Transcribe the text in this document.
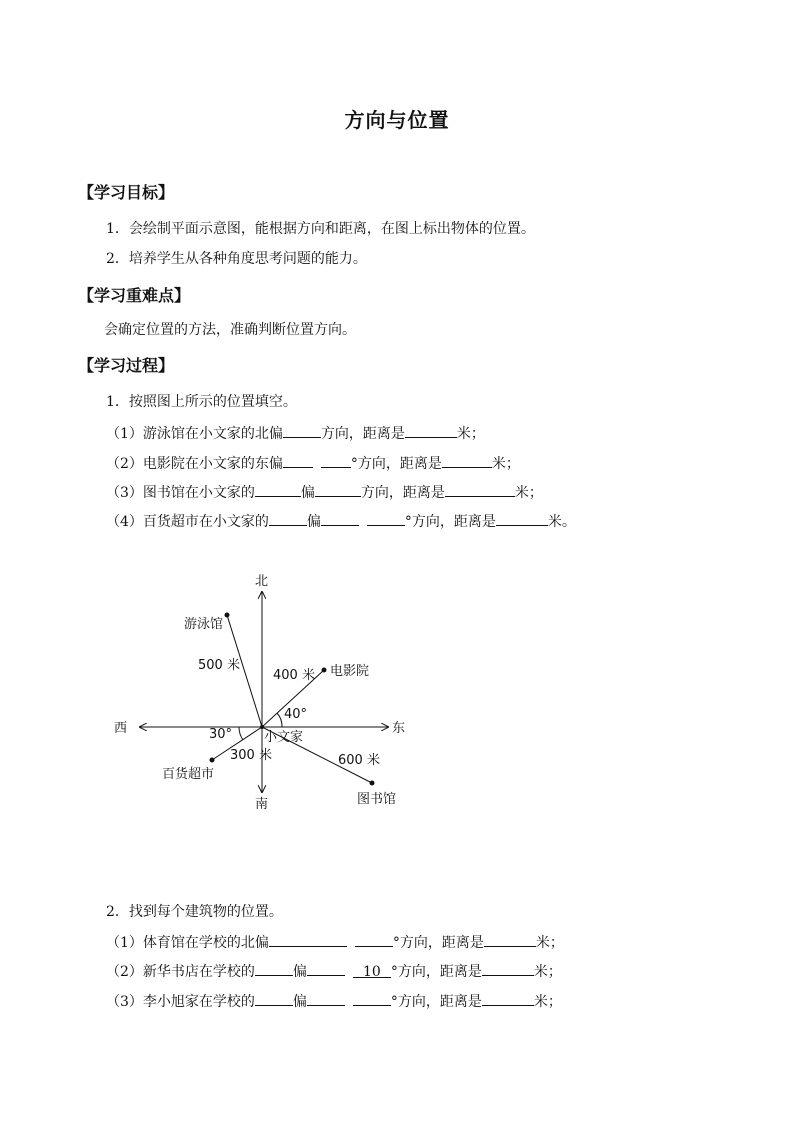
方向与位置
【学习目标】
1．会绘制平面示意图，能根据方向和距离，在图上标出物体的位置。
2．培养学生从各种角度思考问题的能力。
【学习重难点】
会确定位置的方法，准确判断位置方向。
【学习过程】
1．按照图上所示的位置填空。
（1）游泳馆在小文家的北偏	方向，距离是	米；
（2）电影院在小文家的东偏	°方向，距离是	米；
（3）图书馆在小文家的	偏	方向，距离是	米；
（4）百货超市在小文家的	偏	°方向，距离是	米。
北
南
东
西
小文家
游泳馆
500 米	电影院
400 米
40°
图书馆
600 米
百货超市
300 米
30°
2．找到每个建筑物的位置。
（1）体育馆在学校的北偏	°方向，距离是	米；
（2）新华书店在学校的	偏	10 °方向，距离是	米；
（3）李小旭家在学校的	偏	°方向，距离是	米；
